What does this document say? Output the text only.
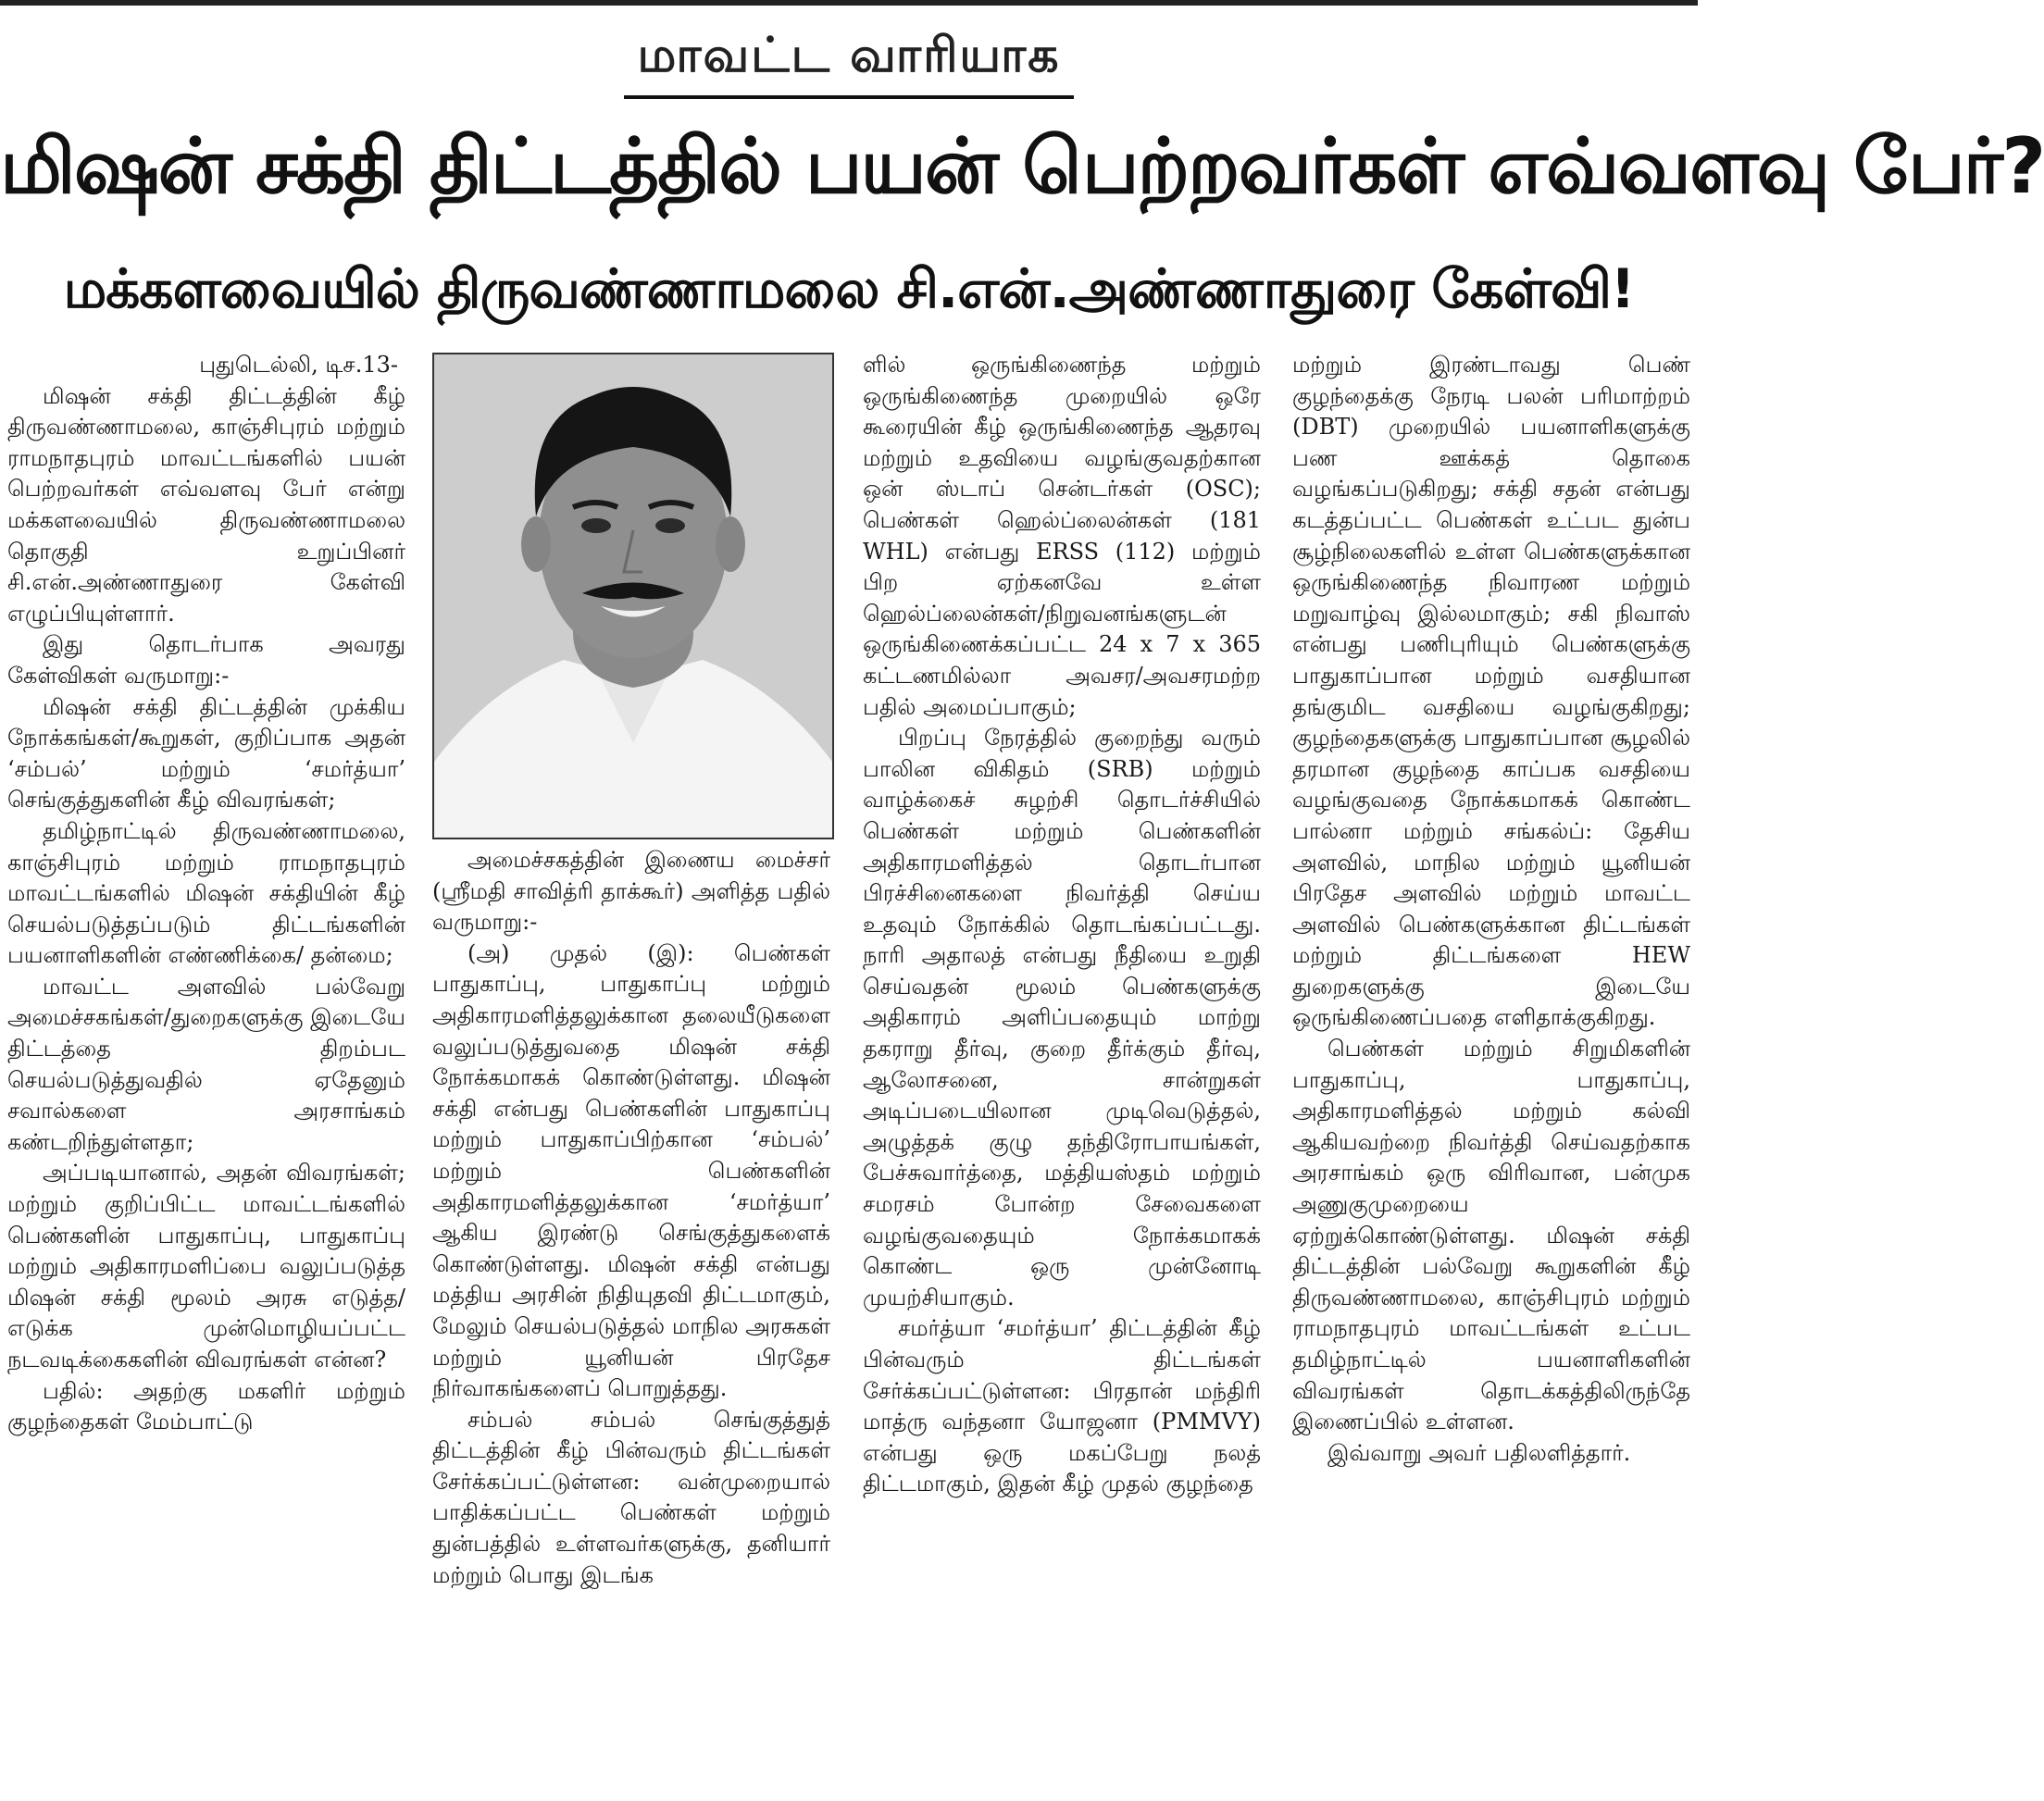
மாவட்ட வாரியாக
மிஷன் சக்தி திட்டத்தில் பயன் பெற்றவர்கள் எவ்வளவு பேர்?
மக்களவையில் திருவண்ணாமலை சி.என்.அண்ணாதுரை கேள்வி!

புதுடெல்லி, டிச.13-

மிஷன் சக்தி திட்டத்தின் கீழ் திருவண்ணாமலை, காஞ்சிபுரம் மற்றும் ராமநாதபுரம் மாவட்டங்களில் பயன் பெற்றவர்கள் எவ்வளவு பேர் என்று மக்களவையில் திருவண்ணாமலை தொகுதி உறுப்பினர் சி.என்.அண்ணாதுரை கேள்வி எழுப்பியுள்ளார்.

இது தொடர்பாக அவரது கேள்விகள் வருமாறு:-

மிஷன் சக்தி திட்டத்தின் முக்கிய நோக்கங்கள்/கூறுகள், குறிப்பாக அதன் ‘சம்பல்’ மற்றும் ‘சமர்த்யா’ செங்குத்துகளின் கீழ் விவரங்கள்;

தமிழ்நாட்டில் திருவண்ணாமலை, காஞ்சிபுரம் மற்றும் ராமநாதபுரம் மாவட்டங்களில் மிஷன் சக்தியின் கீழ் செயல்படுத்தப்படும் திட்டங்களின் பயனாளிகளின் எண்ணிக்கை/ தன்மை;

மாவட்ட அளவில் பல்வேறு அமைச்சகங்கள்/துறைகளுக்கு இடையே திட்டத்தை திறம்பட செயல்படுத்துவதில் ஏதேனும் சவால்களை அரசாங்கம் கண்டறிந்துள்ளதா;

அப்படியானால், அதன் விவரங்கள்; மற்றும் குறிப்பிட்ட மாவட்டங்களில் பெண்களின் பாதுகாப்பு, பாதுகாப்பு மற்றும் அதிகாரமளிப்பை வலுப்படுத்த மிஷன் சக்தி மூலம் அரசு எடுத்த/ எடுக்க முன்மொழியப்பட்ட நடவடிக்கைகளின் விவரங்கள் என்ன?

பதில்: அதற்கு மகளிர் மற்றும் குழந்தைகள் மேம்பாட்டு

அமைச்சகத்தின் இணைய மைச்சர் (ஸ்ரீமதி சாவித்ரி தாக்கூர்) அளித்த பதில் வருமாறு:-

(அ) முதல் (இ): பெண்கள் பாதுகாப்பு, பாதுகாப்பு மற்றும் அதிகாரமளித்தலுக்கான தலையீடுகளை வலுப்படுத்துவதை மிஷன் சக்தி நோக்கமாகக் கொண்டுள்ளது. மிஷன் சக்தி என்பது பெண்களின் பாதுகாப்பு மற்றும் பாதுகாப்பிற்கான ‘சம்பல்’ மற்றும் பெண்களின் அதிகாரமளித்தலுக்கான ‘சமர்த்யா’ ஆகிய இரண்டு செங்குத்துகளைக் கொண்டுள்ளது. மிஷன் சக்தி என்பது மத்திய அரசின் நிதியுதவி திட்டமாகும், மேலும் செயல்படுத்தல் மாநில அரசுகள் மற்றும் யூனியன் பிரதேச நிர்வாகங்களைப் பொறுத்தது.

சம்பல் சம்பல் செங்குத்துத் திட்டத்தின் கீழ் பின்வரும் திட்டங்கள் சேர்க்கப்பட்டுள்ளன: வன்முறையால் பாதிக்கப்பட்ட பெண்கள் மற்றும் துன்பத்தில் உள்ளவர்களுக்கு, தனியார் மற்றும் பொது இடங்க

ளில் ஒருங்கிணைந்த மற்றும் ஒருங்கிணைந்த முறையில் ஒரே கூரையின் கீழ் ஒருங்கிணைந்த ஆதரவு மற்றும் உதவியை வழங்குவதற்கான ஒன் ஸ்டாப் சென்டர்கள் (OSC); பெண்கள் ஹெல்ப்லைன்கள் (181 WHL) என்பது ERSS (112) மற்றும் பிற ஏற்கனவே உள்ள ஹெல்ப்லைன்கள்/நிறுவனங்களுடன் ஒருங்கிணைக்கப்பட்ட 24 x 7 x 365 கட்டணமில்லா அவசர/அவசரமற்ற பதில் அமைப்பாகும்;

பிறப்பு நேரத்தில் குறைந்து வரும் பாலின விகிதம் (SRB) மற்றும் வாழ்க்கைச் சுழற்சி தொடர்ச்சியில் பெண்கள் மற்றும் பெண்களின் அதிகாரமளித்தல் தொடர்பான பிரச்சினைகளை நிவர்த்தி செய்ய உதவும் நோக்கில் தொடங்கப்பட்டது. நாரி அதாலத் என்பது நீதியை உறுதி செய்வதன் மூலம் பெண்களுக்கு அதிகாரம் அளிப்பதையும் மாற்று தகராறு தீர்வு, குறை தீர்க்கும் தீர்வு, ஆலோசனை, சான்றுகள் அடிப்படையிலான முடிவெடுத்தல், அழுத்தக் குழு தந்திரோபாயங்கள், பேச்சுவார்த்தை, மத்தியஸ்தம் மற்றும் சமரசம் போன்ற சேவைகளை வழங்குவதையும் நோக்கமாகக் கொண்ட ஒரு முன்னோடி முயற்சியாகும்.

சமர்த்யா ‘சமர்த்யா’ திட்டத்தின் கீழ் பின்வரும் திட்டங்கள் சேர்க்கப்பட்டுள்ளன: பிரதான் மந்திரி மாத்ரு வந்தனா யோஜனா (PMMVY) என்பது ஒரு மகப்பேறு நலத் திட்டமாகும், இதன் கீழ் முதல் குழந்தை

மற்றும் இரண்டாவது பெண் குழந்தைக்கு நேரடி பலன் பரிமாற்றம் (DBT) முறையில் பயனாளிகளுக்கு பண ஊக்கத் தொகை வழங்கப்படுகிறது; சக்தி சதன் என்பது கடத்தப்பட்ட பெண்கள் உட்பட துன்ப சூழ்நிலைகளில் உள்ள பெண்களுக்கான ஒருங்கிணைந்த நிவாரண மற்றும் மறுவாழ்வு இல்லமாகும்; சகி நிவாஸ் என்பது பணிபுரியும் பெண்களுக்கு பாதுகாப்பான மற்றும் வசதியான தங்குமிட வசதியை வழங்குகிறது; குழந்தைகளுக்கு பாதுகாப்பான சூழலில் தரமான குழந்தை காப்பக வசதியை வழங்குவதை நோக்கமாகக் கொண்ட பால்னா மற்றும் சங்கல்ப்: தேசிய அளவில், மாநில மற்றும் யூனியன் பிரதேச அளவில் மற்றும் மாவட்ட அளவில் பெண்களுக்கான திட்டங்கள் மற்றும் திட்டங்களை HEW துறைகளுக்கு இடையே ஒருங்கிணைப்பதை எளிதாக்குகிறது.

பெண்கள் மற்றும் சிறுமிகளின் பாதுகாப்பு, பாதுகாப்பு, அதிகாரமளித்தல் மற்றும் கல்வி ஆகியவற்றை நிவர்த்தி செய்வதற்காக அரசாங்கம் ஒரு விரிவான, பன்முக அணுகுமுறையை ஏற்றுக்கொண்டுள்ளது. மிஷன் சக்தி திட்டத்தின் பல்வேறு கூறுகளின் கீழ் திருவண்ணாமலை, காஞ்சிபுரம் மற்றும் ராமநாதபுரம் மாவட்டங்கள் உட்பட தமிழ்நாட்டில் பயனாளிகளின் விவரங்கள் தொடக்கத்திலிருந்தே இணைப்பில் உள்ளன.

இவ்வாறு அவர் பதிலளித்தார்.
